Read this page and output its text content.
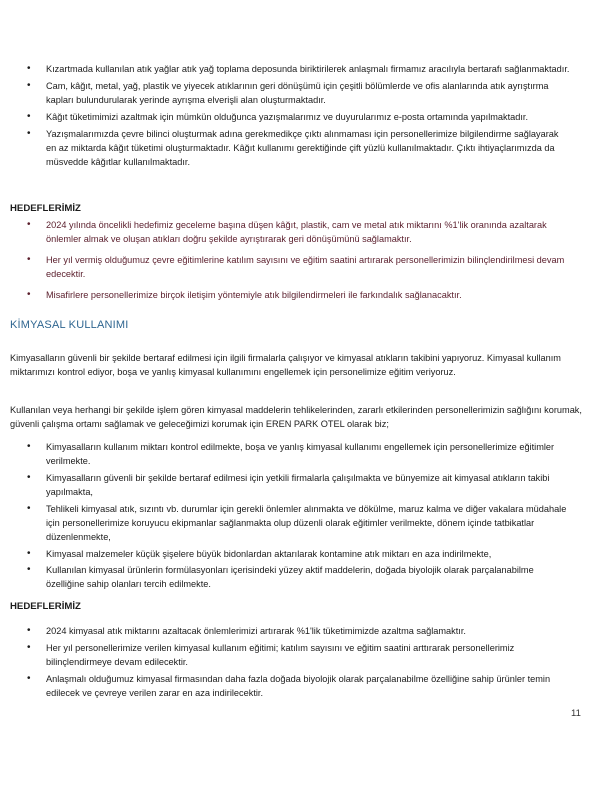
• Kızartmada kullanılan atık yağlar atık yağ toplama deposunda biriktirilerek anlaşmalı firmamız aracılıyla bertarafı sağlanmaktadır.
• Cam, kâğıt, metal, yağ, plastik ve yiyecek atıklarının geri dönüşümü için çeşitli bölümlerde ve ofis alanlarında atık ayrıştırma kapları bulundurularak yerinde ayrışma elverişli alan oluşturmaktadır.
• Kâğıt tüketimimizi azaltmak için mümkün olduğunca yazışmalarımız ve duyurularımız e-posta ortamında yapılmaktadır.
• Yazışmalarımızda çevre bilinci oluşturmak adına gerekmedikçe çıktı alınmaması için personellerimize bilgilendirme sağlayarak en az miktarda kâğıt tüketimi oluşturmaktadır. Kâğıt kullanımı gerektiğinde çift yüzlü kullanılmaktadır. Çıktı ihtiyaçlarımızda da müsvedde kâğıtlar kullanılmaktadır.
HEDEFLERİMİZ
• 2024 yılında öncelikli hedefimiz geceleme başına düşen kâğıt, plastik, cam ve metal atık miktarını %1'lik oranında azaltarak önlemler almak ve oluşan atıkları doğru şekilde ayrıştırarak geri dönüşümünü sağlamaktır.
• Her yıl vermiş olduğumuz çevre eğitimlerine katılım sayısını ve eğitim saatini artırarak personellerimizin bilinçlendirilmesi devam edecektir.
• Misafirlere personellerimize birçok iletişim yöntemiyle atık bilgilendirmeleri ile farkındalık sağlanacaktır.
KİMYASAL KULLANIMI
Kimyasalların güvenli bir şekilde bertaraf edilmesi için ilgili firmalarla çalışıyor ve kimyasal atıkların takibini yapıyoruz. Kimyasal kullanım miktarımızı kontrol ediyor, boşa ve yanlış kimyasal kullanımını engellemek için personelimize eğitim veriyoruz.
Kullanılan veya herhangi bir şekilde işlem gören kimyasal maddelerin tehlikelerinden, zararlı etkilerinden personellerimizin sağlığını korumak, güvenli çalışma ortamı sağlamak ve geleceğimizi korumak için EREN PARK OTEL olarak biz;
• Kimyasalların kullanım miktarı kontrol edilmekte, boşa ve yanlış kimyasal kullanımı engellemek için personellerimize eğitimler verilmekte.
• Kimyasalların güvenli bir şekilde bertaraf edilmesi için yetkili firmalarla çalışılmakta ve bünyemize ait kimyasal atıkların takibi yapılmakta,
• Tehlikeli kimyasal atık, sızıntı vb. durumlar için gerekli önlemler alınmakta ve dökülme, maruz kalma ve diğer vakalara müdahale için personellerimize koruyucu ekipmanlar sağlanmakta olup düzenli olarak eğitimler verilmekte, dönem içinde tatbikatlar düzenlenmekte,
• Kimyasal malzemeler küçük şişelere büyük bidonlardan aktarılarak kontamine atık miktarı en aza indirilmekte,
• Kullanılan kimyasal ürünlerin formülasyonları içerisindeki yüzey aktif maddelerin, doğada biyolojik olarak parçalanabilme özelliğine sahip olanları tercih edilmekte.
HEDEFLERİMİZ
• 2024 kimyasal atık miktarını azaltacak önlemlerimizi artırarak %1'lik tüketimimizde azaltma sağlamaktır.
• Her yıl personellerimize verilen kimyasal kullanım eğitimi; katılım sayısını ve eğitim saatini arttırarak personellerimiz bilinçlendirmeye devam edilecektir.
• Anlaşmalı olduğumuz kimyasal firmasından daha fazla doğada biyolojik olarak parçalanabilme özelliğine sahip ürünler temin edilecek ve çevreye verilen zarar en aza indirilecektir.
11
